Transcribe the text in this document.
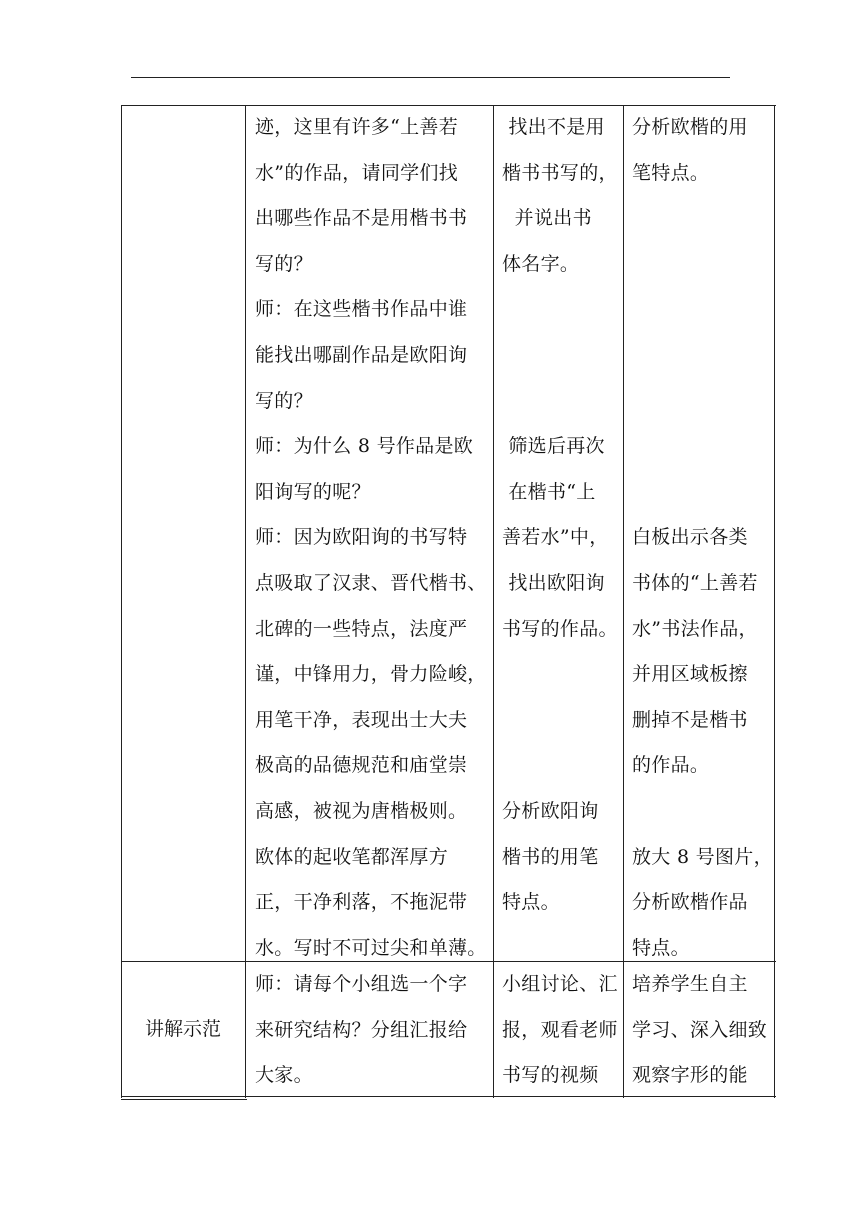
迹，这里有许多“上善若
水”的作品，请同学们找
出哪些作品不是用楷书书
写的？
师：在这些楷书作品中谁
能找出哪副作品是欧阳询
写的？
师：为什么 8 号作品是欧
阳询写的呢？
师：因为欧阳询的书写特
点吸取了汉隶、晋代楷书、
北碑的一些特点，法度严
谨，中锋用力，骨力险峻，
用笔干净，表现出士大夫
极高的品德规范和庙堂崇
高感，被视为唐楷极则。
欧体的起收笔都浑厚方
正，干净利落，不拖泥带
水。写时不可过尖和单薄。
找出不是用
楷书书写的，
并说出书
体名字。
筛选后再次
在楷书“上
善若水”中，
找出欧阳询
书写的作品。
分析欧阳询
楷书的用笔
特点。
分析欧楷的用
笔特点。
白板出示各类
书体的“上善若
水”书法作品，
并用区域板擦
删掉不是楷书
的作品。
放大 8 号图片，
分析欧楷作品
特点。
讲解示范
师：请每个小组选一个字
来研究结构？分组汇报给
大家。
小组讨论、汇
报，观看老师
书写的视频
培养学生自主
学习、深入细致
观察字形的能
